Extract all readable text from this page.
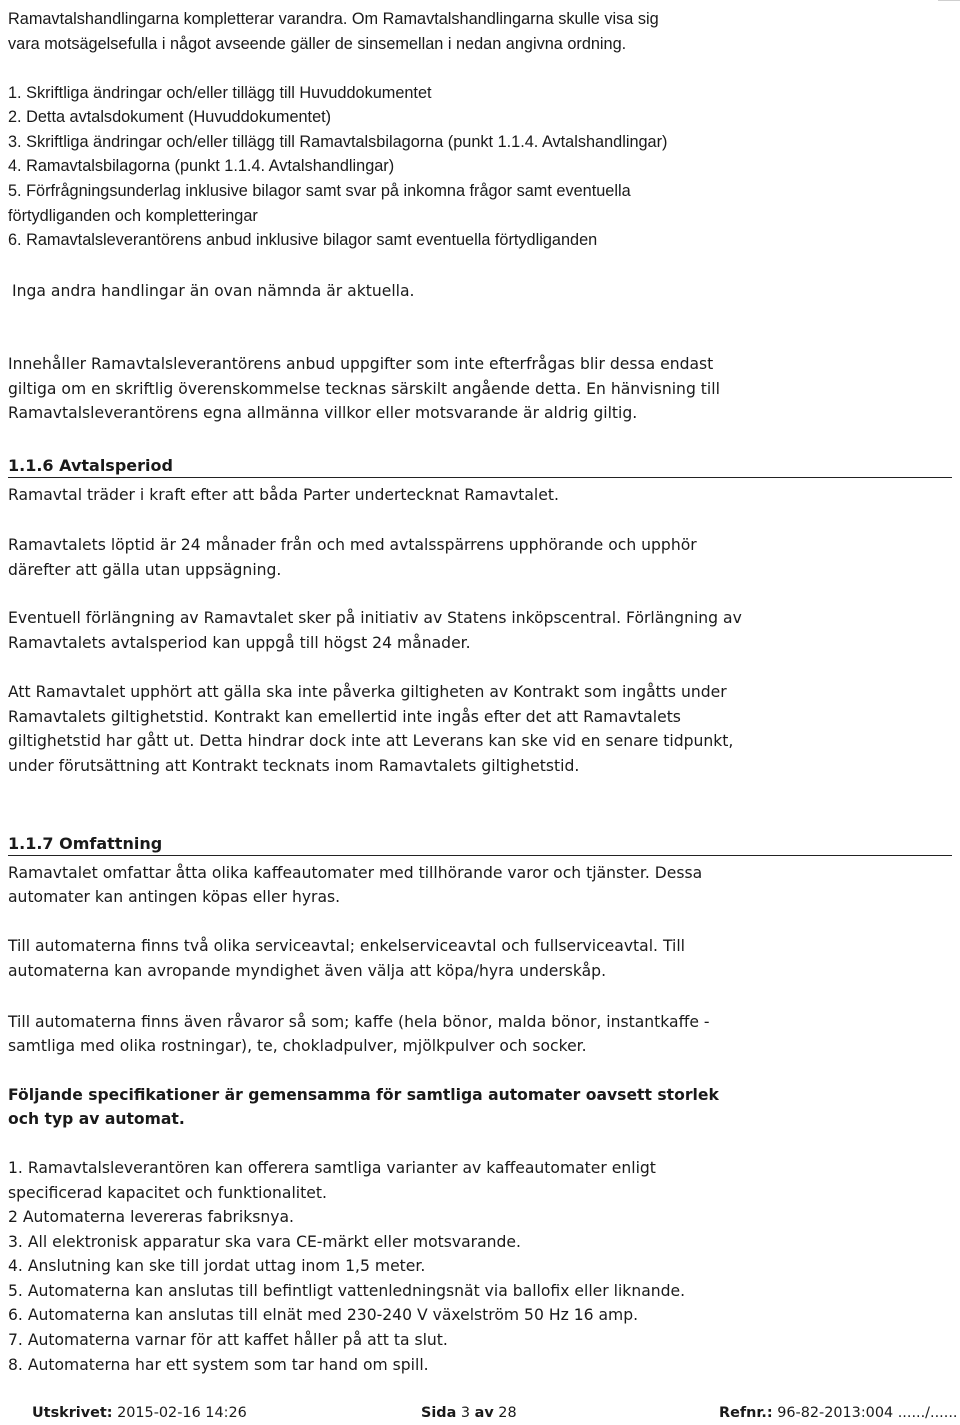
Ramavtalshandlingarna kompletterar varandra. Om Ramavtalshandlingarna skulle visa sig
vara motsägelsefulla i något avseende gäller de sinsemellan i nedan angivna ordning.
1. Skriftliga ändringar och/eller tillägg till Huvuddokumentet
2. Detta avtalsdokument (Huvuddokumentet)
3. Skriftliga ändringar och/eller tillägg till Ramavtalsbilagorna (punkt 1.1.4. Avtalshandlingar)
4. Ramavtalsbilagorna (punkt 1.1.4. Avtalshandlingar)
5. Förfrågningsunderlag inklusive bilagor samt svar på inkomna frågor samt eventuella
förtydliganden och kompletteringar
6. Ramavtalsleverantörens anbud inklusive bilagor samt eventuella förtydliganden
Inga andra handlingar än ovan nämnda är aktuella.
Innehåller Ramavtalsleverantörens anbud uppgifter som inte efterfrågas blir dessa endast
giltiga om en skriftlig överenskommelse tecknas särskilt angående detta. En hänvisning till
Ramavtalsleverantörens egna allmänna villkor eller motsvarande är aldrig giltig.
1.1.6 Avtalsperiod
Ramavtal träder i kraft efter att båda Parter undertecknat Ramavtalet.
Ramavtalets löptid är 24 månader från och med avtalsspärrens upphörande och upphör
därefter att gälla utan uppsägning.
Eventuell förlängning av Ramavtalet sker på initiativ av Statens inköpscentral. Förlängning av
Ramavtalets avtalsperiod kan uppgå till högst 24 månader.
Att Ramavtalet upphört att gälla ska inte påverka giltigheten av Kontrakt som ingåtts under
Ramavtalets giltighetstid. Kontrakt kan emellertid inte ingås efter det att Ramavtalets
giltighetstid har gått ut. Detta hindrar dock inte att Leverans kan ske vid en senare tidpunkt,
under förutsättning att Kontrakt tecknats inom Ramavtalets giltighetstid.
1.1.7 Omfattning
Ramavtalet omfattar åtta olika kaffeautomater med tillhörande varor och tjänster. Dessa
automater kan antingen köpas eller hyras.
Till automaterna finns två olika serviceavtal; enkelserviceavtal och fullserviceavtal. Till
automaterna kan avropande myndighet även välja att köpa/hyra underskåp.
Till automaterna finns även råvaror så som; kaffe (hela bönor, malda bönor, instantkaffe -
samtliga med olika rostningar), te, chokladpulver, mjölkpulver och socker.
Följande specifikationer är gemensamma för samtliga automater oavsett storlek
och typ av automat.
1. Ramavtalsleverantören kan offerera samtliga varianter av kaffeautomater enligt
specificerad kapacitet och funktionalitet.
2 Automaterna levereras fabriksnya.
3. All elektronisk apparatur ska vara CE-märkt eller motsvarande.
4. Anslutning kan ske till jordat uttag inom 1,5 meter.
5. Automaterna kan anslutas till befintligt vattenledningsnät via ballofix eller liknande.
6. Automaterna kan anslutas till elnät med 230-240 V växelström 50 Hz 16 amp.
7. Automaterna varnar för att kaffet håller på att ta slut.
8. Automaterna har ett system som tar hand om spill.
Utskrivet: 2015-02-16 14:26	Sida 3 av 28	Refnr.: 96-82-2013:004 ....../......
